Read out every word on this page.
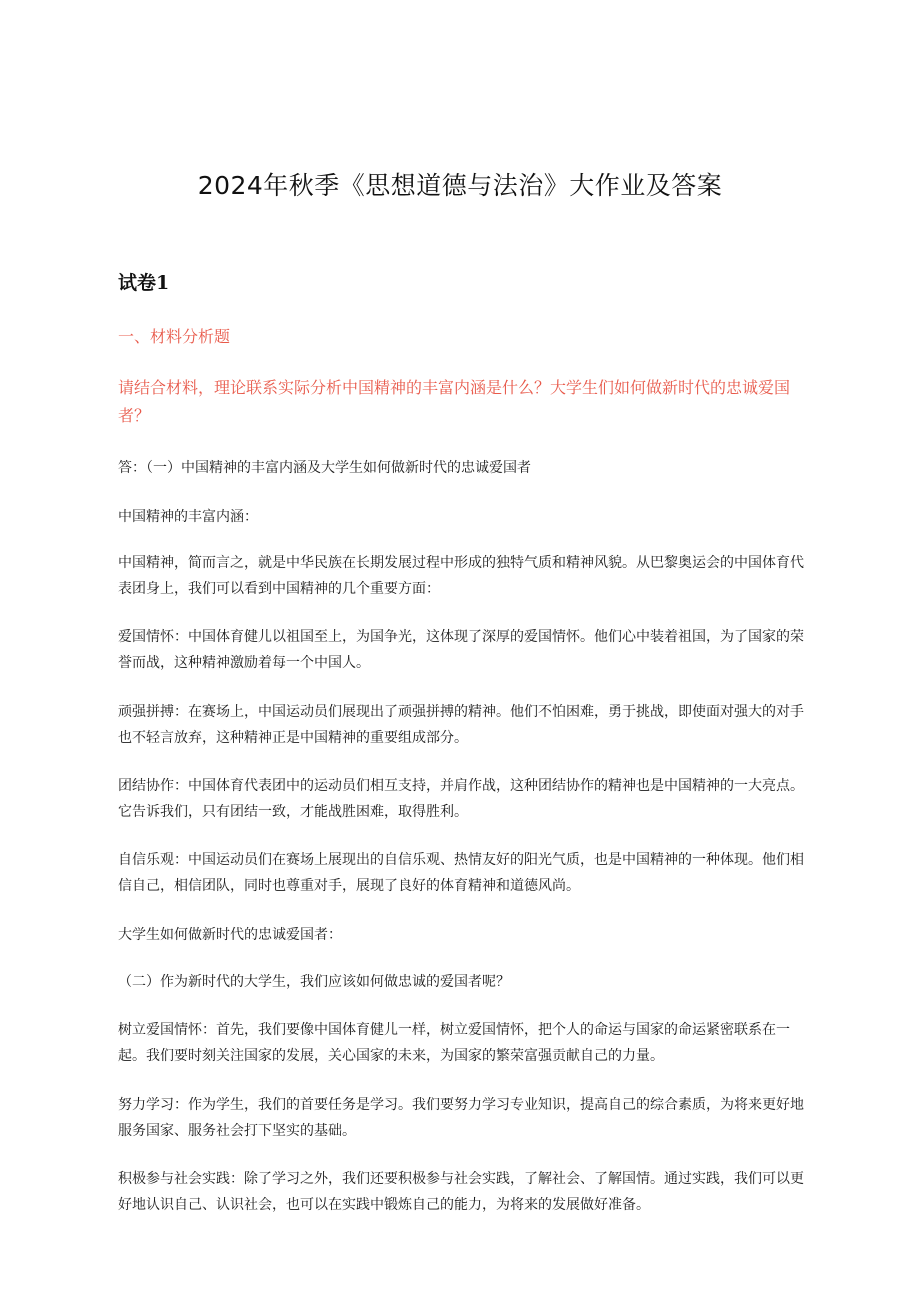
2024年秋季《思想道德与法治》大作业及答案
试卷1
一、材料分析题
请结合材料，理论联系实际分析中国精神的丰富内涵是什么？大学生们如何做新时代的忠诚爱国者？
答：（一）中国精神的丰富内涵及大学生如何做新时代的忠诚爱国者
中国精神的丰富内涵：
中国精神，简而言之，就是中华民族在长期发展过程中形成的独特气质和精神风貌。从巴黎奥运会的中国体育代表团身上，我们可以看到中国精神的几个重要方面：
爱国情怀：中国体育健儿以祖国至上，为国争光，这体现了深厚的爱国情怀。他们心中装着祖国，为了国家的荣誉而战，这种精神激励着每一个中国人。
顽强拼搏：在赛场上，中国运动员们展现出了顽强拼搏的精神。他们不怕困难，勇于挑战，即使面对强大的对手也不轻言放弃，这种精神正是中国精神的重要组成部分。
团结协作：中国体育代表团中的运动员们相互支持，并肩作战，这种团结协作的精神也是中国精神的一大亮点。它告诉我们，只有团结一致，才能战胜困难，取得胜利。
自信乐观：中国运动员们在赛场上展现出的自信乐观、热情友好的阳光气质，也是中国精神的一种体现。他们相信自己，相信团队，同时也尊重对手，展现了良好的体育精神和道德风尚。
大学生如何做新时代的忠诚爱国者：
（二）作为新时代的大学生，我们应该如何做忠诚的爱国者呢？
树立爱国情怀：首先，我们要像中国体育健儿一样，树立爱国情怀，把个人的命运与国家的命运紧密联系在一起。我们要时刻关注国家的发展，关心国家的未来，为国家的繁荣富强贡献自己的力量。
努力学习：作为学生，我们的首要任务是学习。我们要努力学习专业知识，提高自己的综合素质，为将来更好地服务国家、服务社会打下坚实的基础。
积极参与社会实践：除了学习之外，我们还要积极参与社会实践，了解社会、了解国情。通过实践，我们可以更好地认识自己、认识社会，也可以在实践中锻炼自己的能力，为将来的发展做好准备。
